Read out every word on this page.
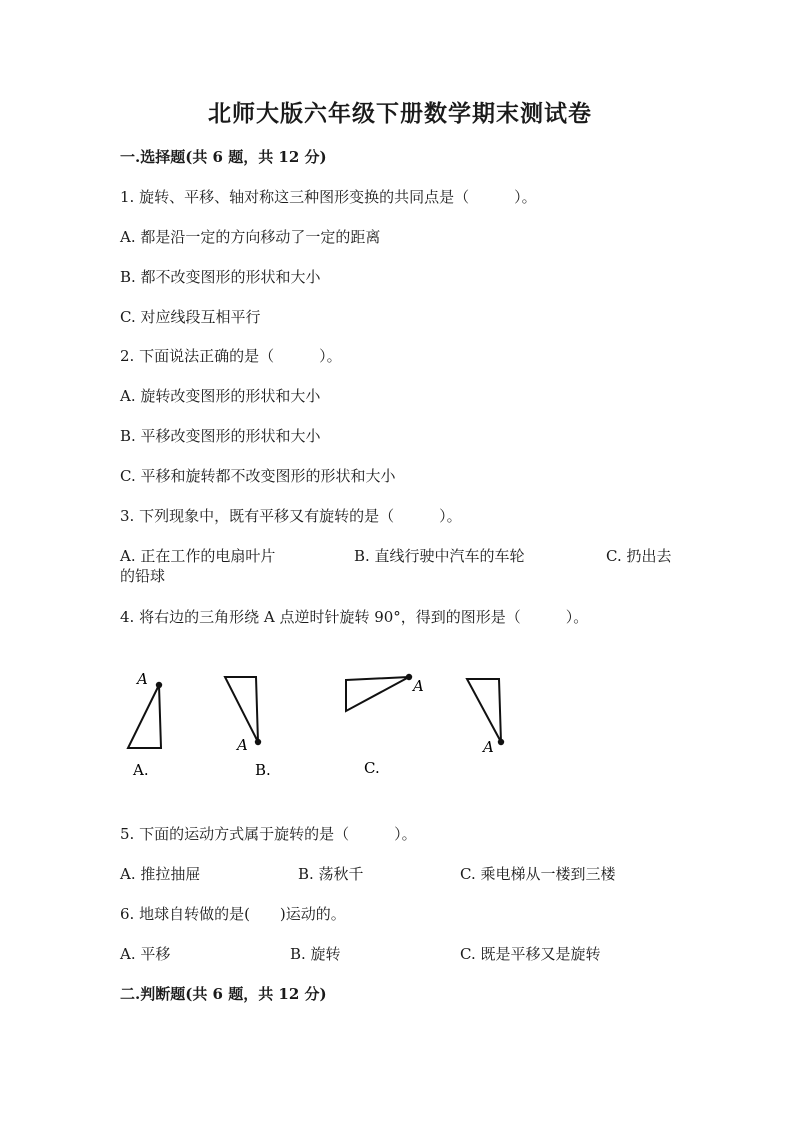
北师大版六年级下册数学期末测试卷
一.选择题(共 6 题，共 12 分)
1. 旋转、平移、轴对称这三种图形变换的共同点是（　　　）。
A. 都是沿一定的方向移动了一定的距离
B. 都不改变图形的形状和大小
C. 对应线段互相平行
2. 下面说法正确的是（　　　）。
A. 旋转改变图形的形状和大小
B. 平移改变图形的形状和大小
C. 平移和旋转都不改变图形的形状和大小
3. 下列现象中，既有平移又有旋转的是（　　　）。
A. 正在工作的电扇叶片	B. 直线行驶中汽车的车轮	C. 扔出去
的铅球
4. 将右边的三角形绕 A 点逆时针旋转 90°，得到的图形是（　　　）。
A
A.
A
B.
A
C.
A
5. 下面的运动方式属于旋转的是（　　　）。
A. 推拉抽屉	B. 荡秋千	C. 乘电梯从一楼到三楼
6. 地球自转做的是(　　)运动的。
A. 平移	B. 旋转	C. 既是平移又是旋转
二.判断题(共 6 题，共 12 分)
